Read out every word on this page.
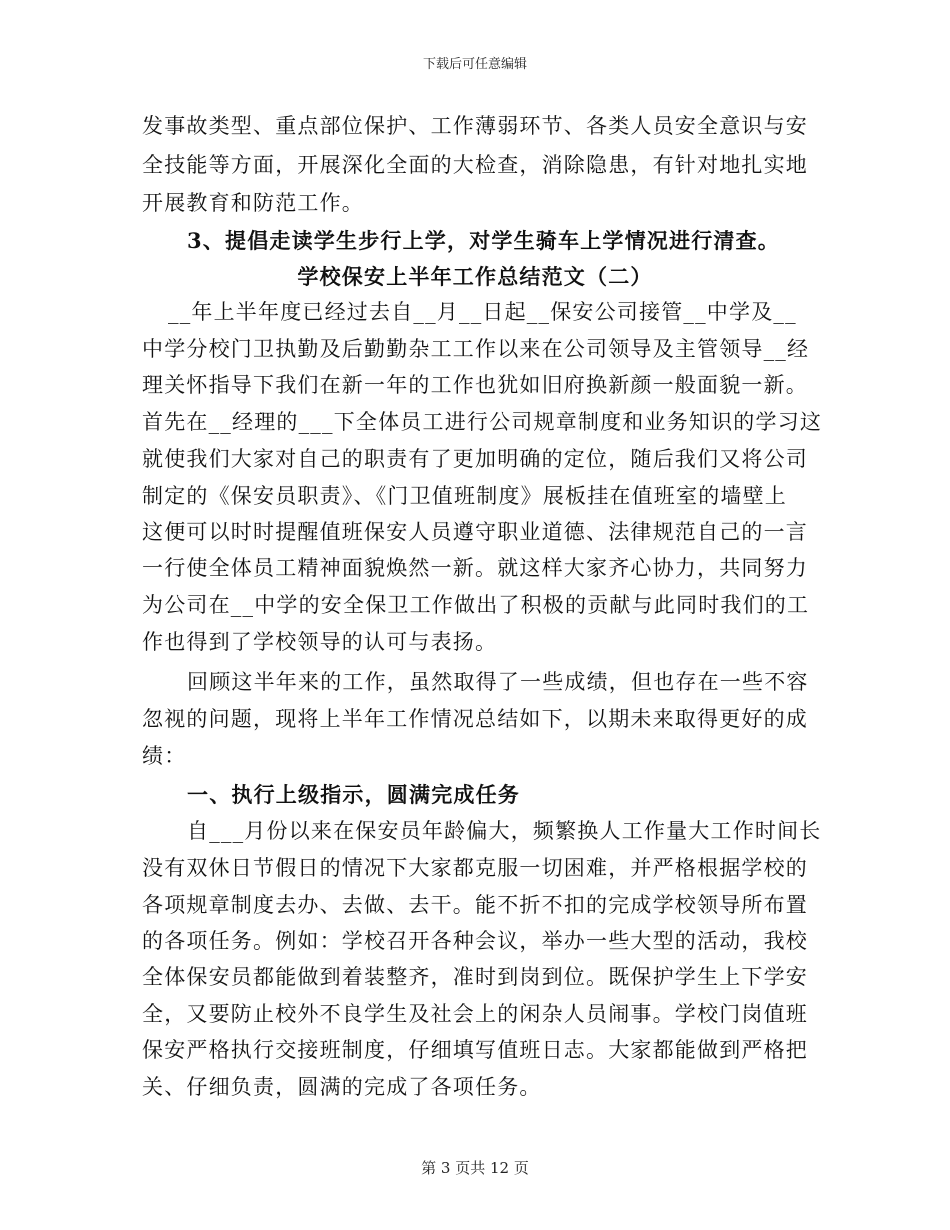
下载后可任意编辑
发事故类型、重点部位保护、工作薄弱环节、各类人员安全意识与安
全技能等方面，开展深化全面的大检查，消除隐患，有针对地扎实地
开展教育和防范工作。
3、提倡走读学生步行上学，对学生骑车上学情况进行清查。
学校保安上半年工作总结范文（二）
__年上半年度已经过去自__月__日起__保安公司接管__中学及__
中学分校门卫执勤及后勤勤杂工工作以来在公司领导及主管领导__经
理关怀指导下我们在新一年的工作也犹如旧府换新颜一般面貌一新。
首先在__经理的___下全体员工进行公司规章制度和业务知识的学习这
就使我们大家对自己的职责有了更加明确的定位，随后我们又将公司
制定的《保安员职责》、《门卫值班制度》展板挂在值班室的墙壁上
这便可以时时提醒值班保安人员遵守职业道德、法律规范自己的一言
一行使全体员工精神面貌焕然一新。就这样大家齐心协力，共同努力
为公司在__中学的安全保卫工作做出了积极的贡献与此同时我们的工
作也得到了学校领导的认可与表扬。
回顾这半年来的工作，虽然取得了一些成绩，但也存在一些不容
忽视的问题，现将上半年工作情况总结如下，以期未来取得更好的成
绩：
一、执行上级指示，圆满完成任务
自___月份以来在保安员年龄偏大，频繁换人工作量大工作时间长
没有双休日节假日的情况下大家都克服一切困难，并严格根据学校的
各项规章制度去办、去做、去干。能不折不扣的完成学校领导所布置
的各项任务。例如：学校召开各种会议，举办一些大型的活动，我校
全体保安员都能做到着装整齐，准时到岗到位。既保护学生上下学安
全，又要防止校外不良学生及社会上的闲杂人员闹事。学校门岗值班
保安严格执行交接班制度，仔细填写值班日志。大家都能做到严格把
关、仔细负责，圆满的完成了各项任务。
第 3 页共 12 页
